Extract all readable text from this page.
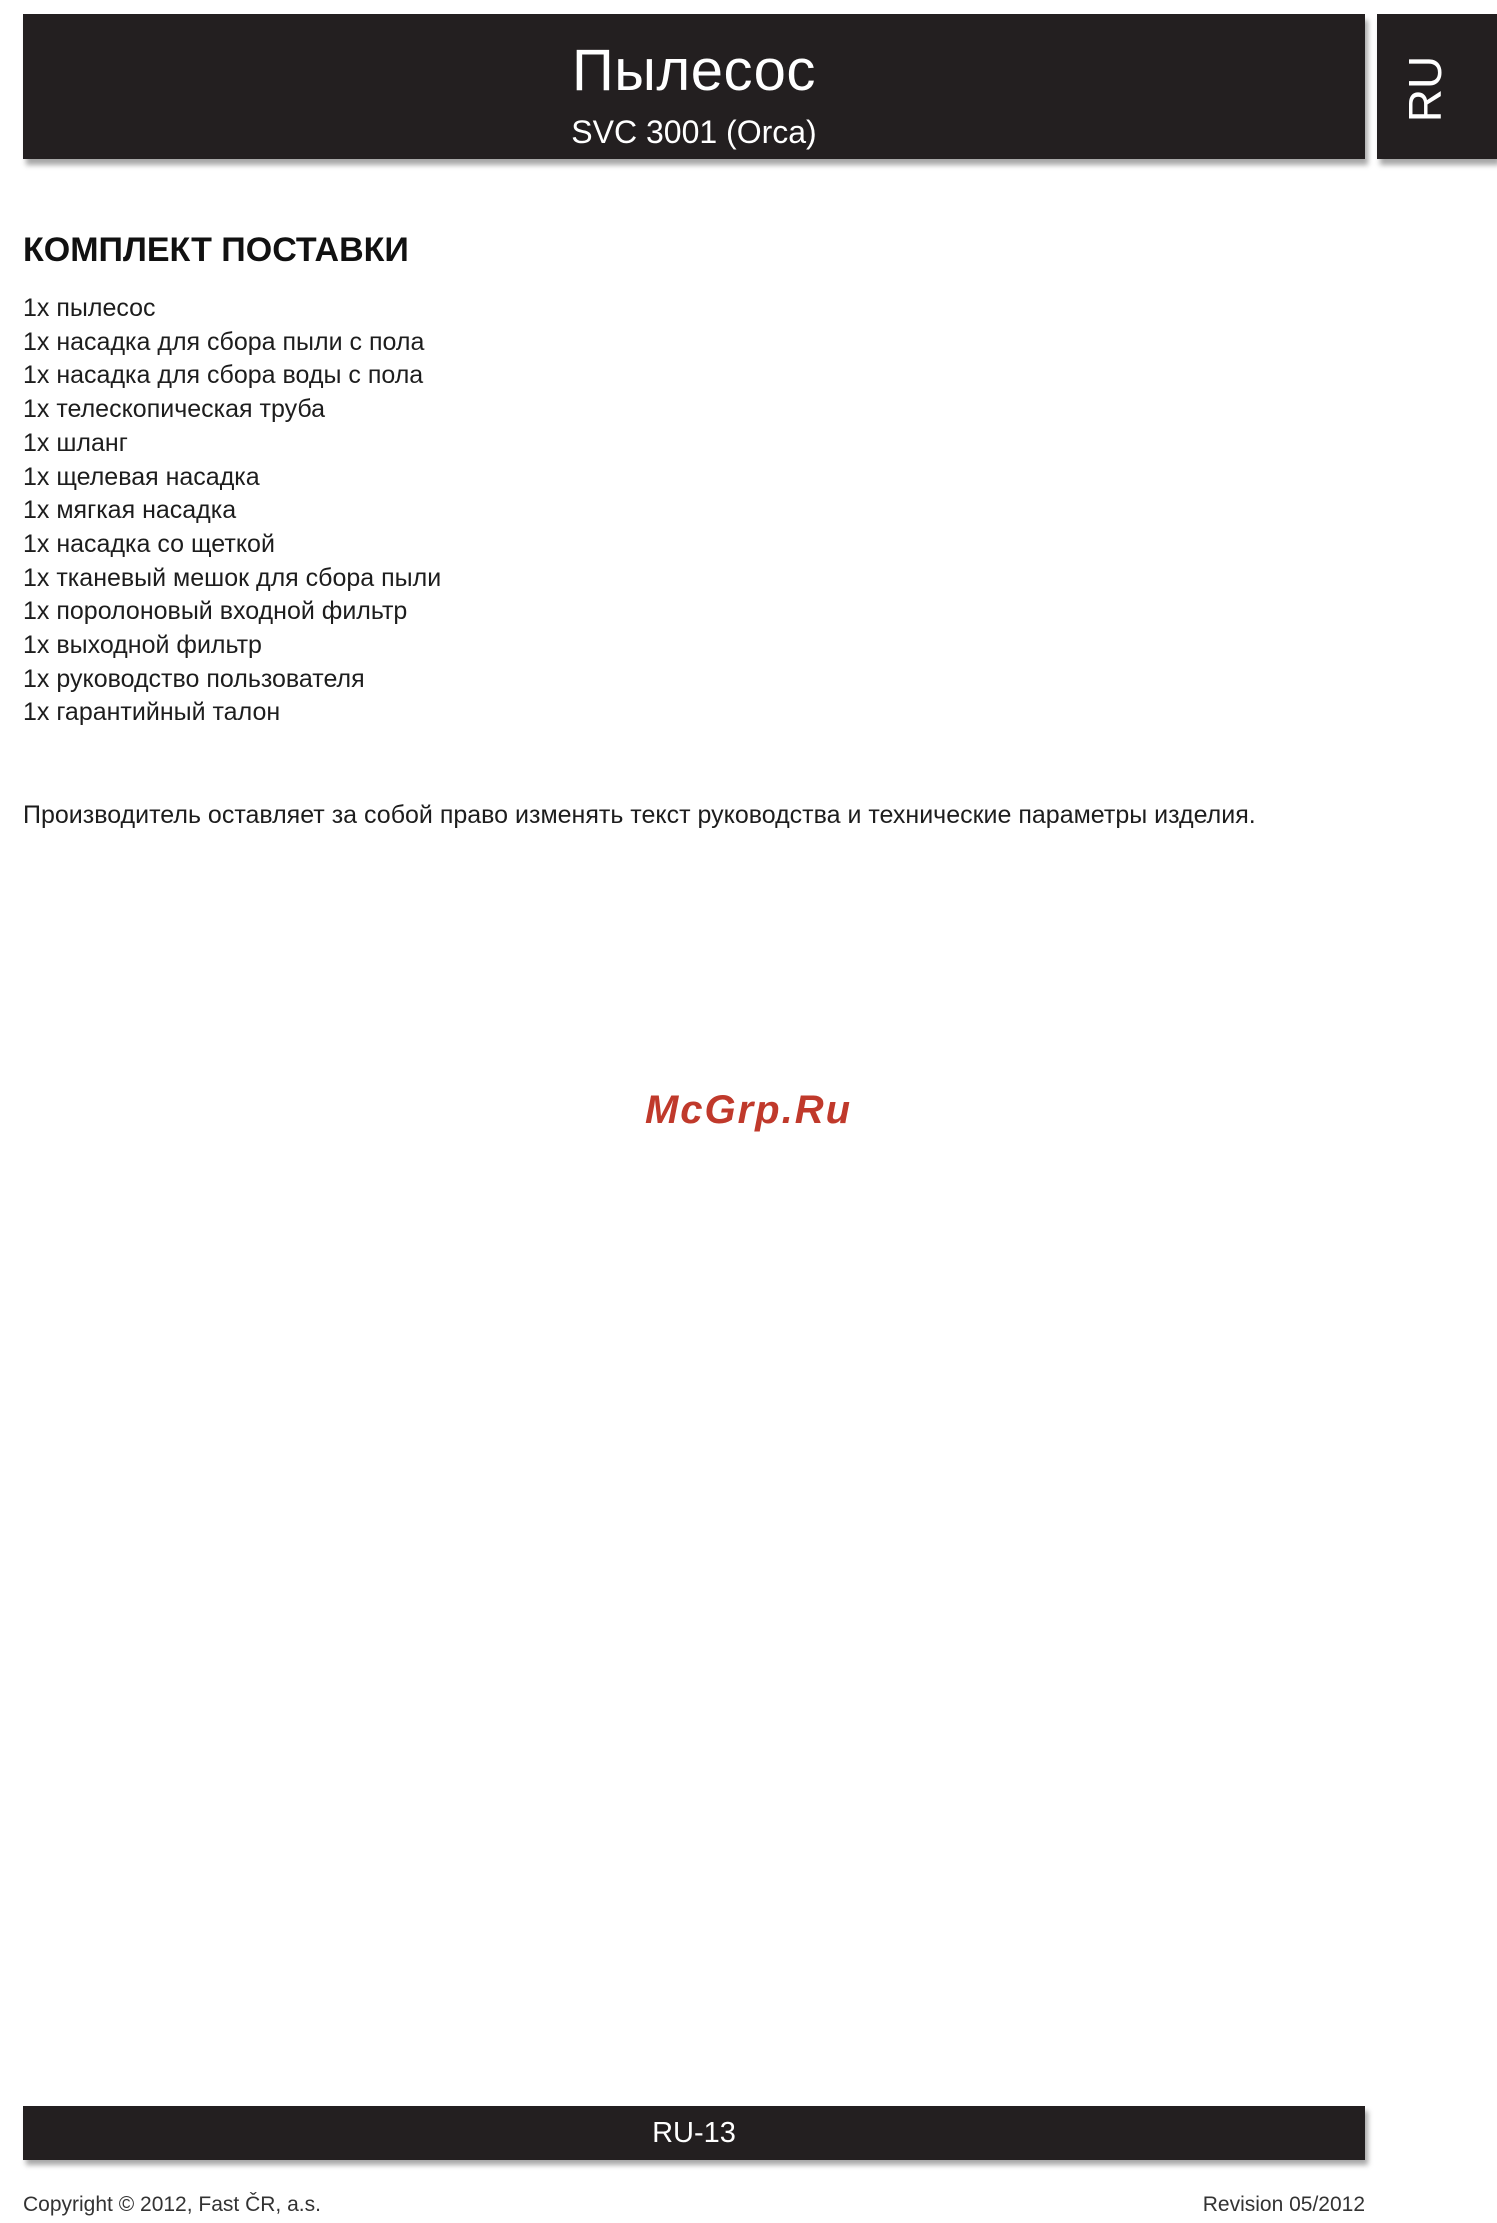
Пылесос
SVC 3001 (Orca)
RU
КОМПЛЕКТ ПОСТАВКИ
1x пылесос
1x насадка для сбора пыли с пола
1x насадка для сбора воды с пола
1x телескопическая труба
1x шланг
1x щелевая насадка
1x мягкая насадка
1x насадка со щеткой
1x тканевый мешок для сбора пыли
1x поролоновый входной фильтр
1x выходной фильтр
1x руководство пользователя
1x гарантийный талон

Производитель оставляет за собой право изменять текст руководства и технические параметры изделия.

McGrp.Ru
RU-13
Copyright © 2012, Fast ČR, a.s.	Revision 05/2012
